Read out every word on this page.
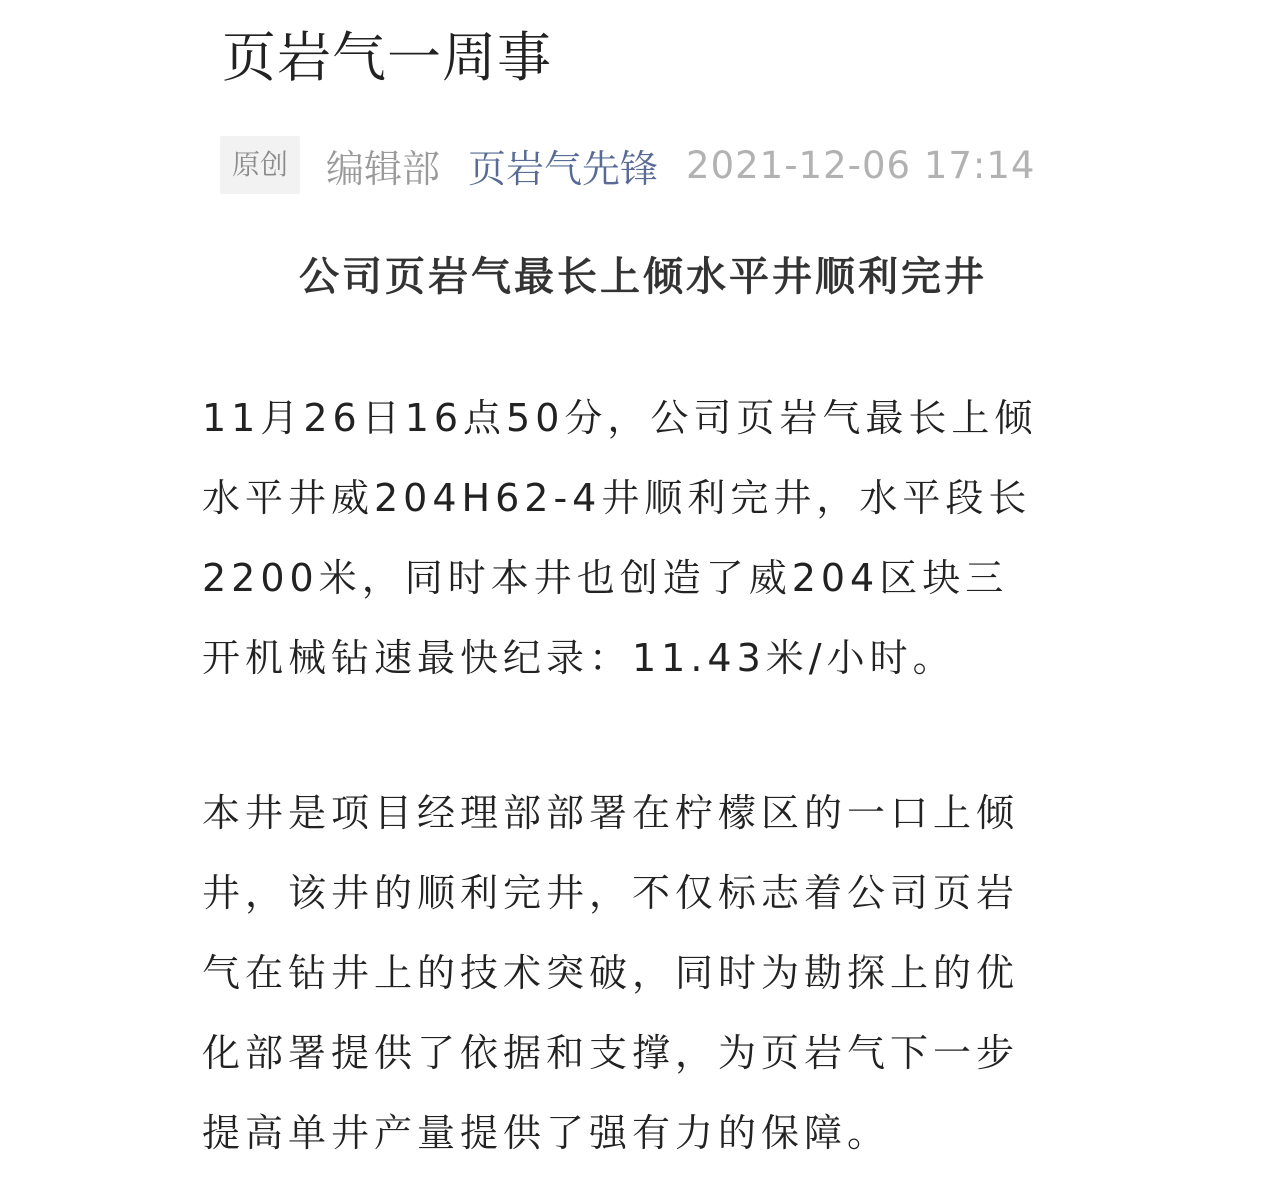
页岩气一周事
原创	编辑部 页岩气先锋 2021-12-06 17:14
公司页岩气最长上倾水平井顺利完井

11月26日16点50分，公司页岩气最长上倾
水平井威204H62-4井顺利完井，水平段长
2200米，同时本井也创造了威204区块三
开机械钻速最快纪录：11.43米/小时。

本井是项目经理部部署在柠檬区的一口上倾
井，该井的顺利完井，不仅标志着公司页岩
气在钻井上的技术突破，同时为勘探上的优
化部署提供了依据和支撑，为页岩气下一步
提高单井产量提供了强有力的保障。
